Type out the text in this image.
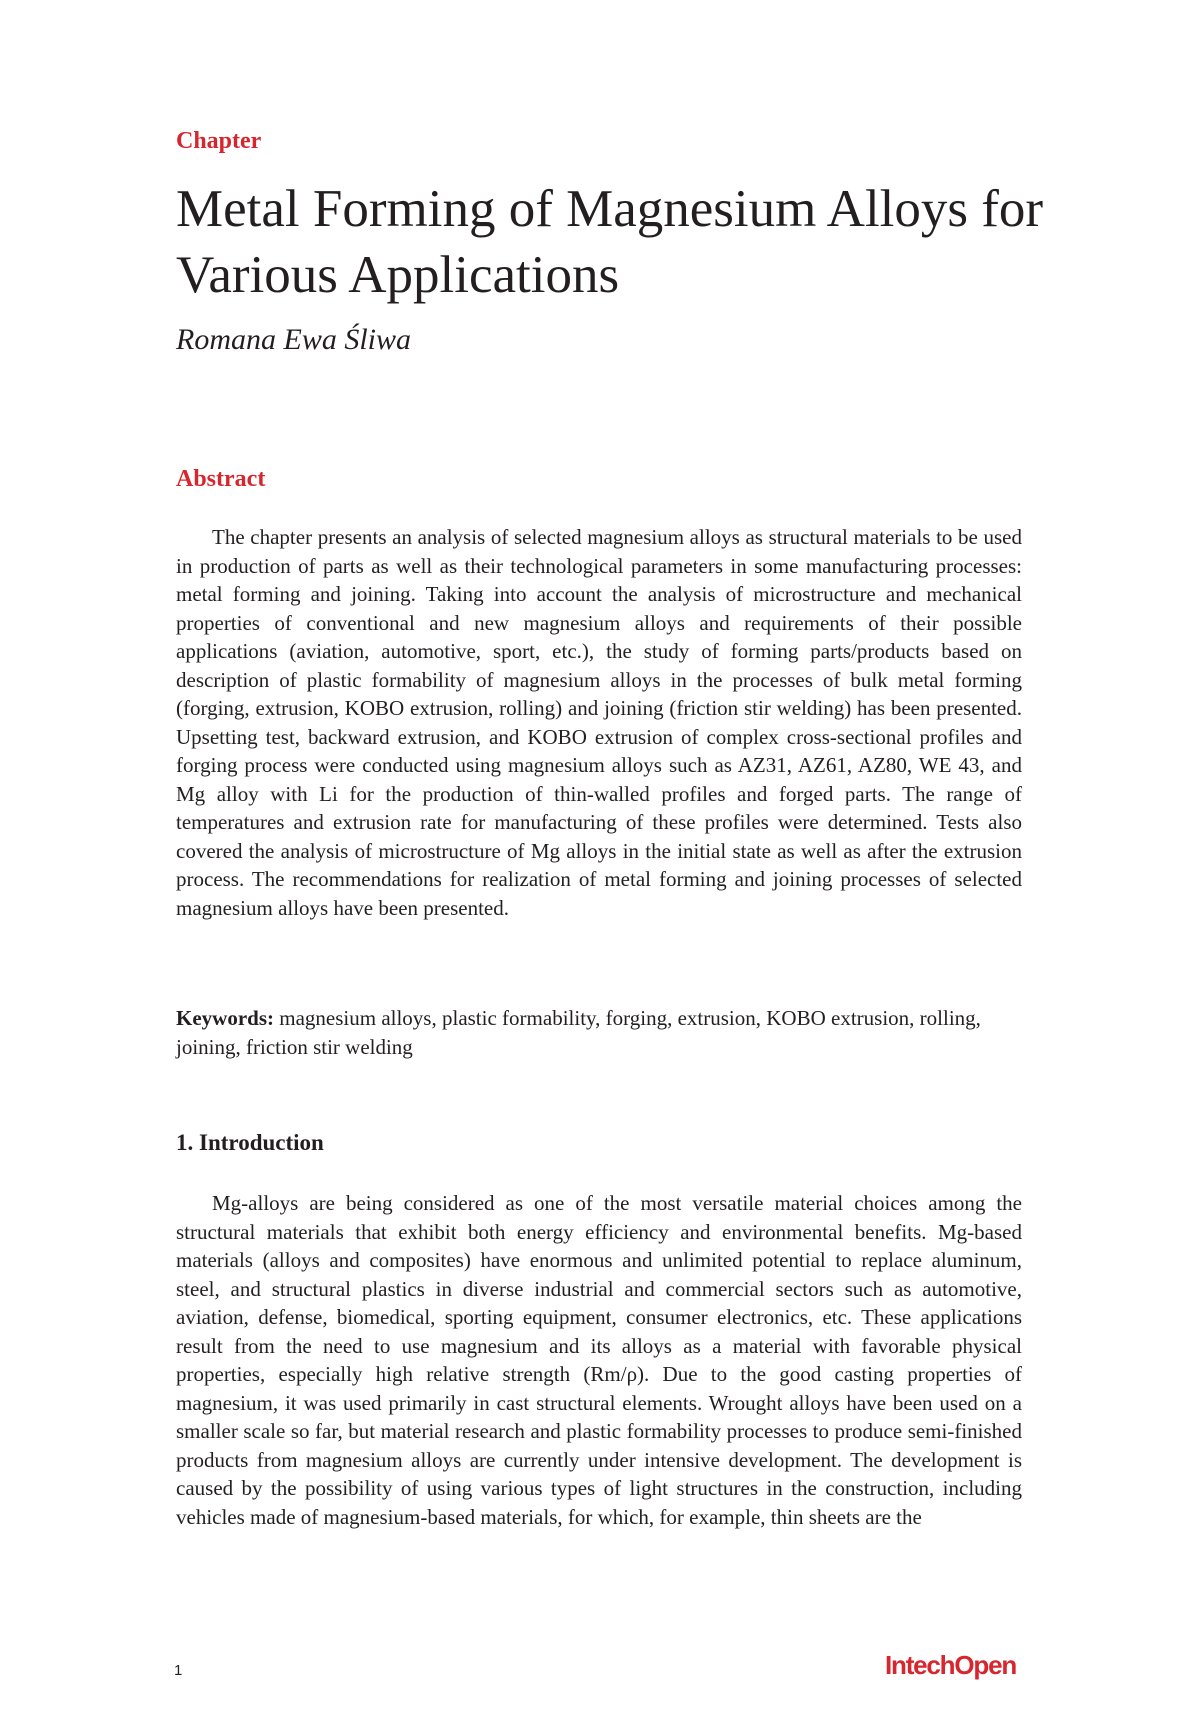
Chapter
Metal Forming of Magnesium Alloys for Various Applications
Romana Ewa Śliwa
Abstract

The chapter presents an analysis of selected magnesium alloys as structural materials to be used in production of parts as well as their technological parameters in some manufacturing processes: metal forming and joining. Taking into account the analysis of microstructure and mechanical properties of conventional and new magnesium alloys and requirements of their possible applications (aviation, automotive, sport, etc.), the study of forming parts/products based on description of plastic formability of magnesium alloys in the processes of bulk metal forming (forging, extrusion, KOBO extrusion, rolling) and joining (friction stir welding) has been presented. Upsetting test, backward extrusion, and KOBO extrusion of complex cross-sectional profiles and forging process were conducted using magnesium alloys such as AZ31, AZ61, AZ80, WE 43, and Mg alloy with Li for the production of thin-walled profiles and forged parts. The range of temperatures and extrusion rate for manufacturing of these profiles were determined. Tests also covered the analysis of microstructure of Mg alloys in the initial state as well as after the extrusion process. The recommendations for realization of metal forming and joining processes of selected magnesium alloys have been presented.

Keywords: magnesium alloys, plastic formability, forging, extrusion, KOBO extrusion, rolling, joining, friction stir welding

1. Introduction

Mg-alloys are being considered as one of the most versatile material choices among the structural materials that exhibit both energy efficiency and environmental benefits. Mg-based materials (alloys and composites) have enormous and unlimited potential to replace aluminum, steel, and structural plastics in diverse industrial and commercial sectors such as automotive, aviation, defense, biomedical, sporting equipment, consumer electronics, etc. These applications result from the need to use magnesium and its alloys as a material with favorable physical properties, especially high relative strength (Rm/ρ). Due to the good casting properties of magnesium, it was used primarily in cast structural elements. Wrought alloys have been used on a smaller scale so far, but material research and plastic formability processes to produce semi-finished products from magnesium alloys are currently under intensive development. The development is caused by the possibility of using various types of light structures in the construction, including vehicles made of magnesium-based materials, for which, for example, thin sheets are the

1	IntechOpen
